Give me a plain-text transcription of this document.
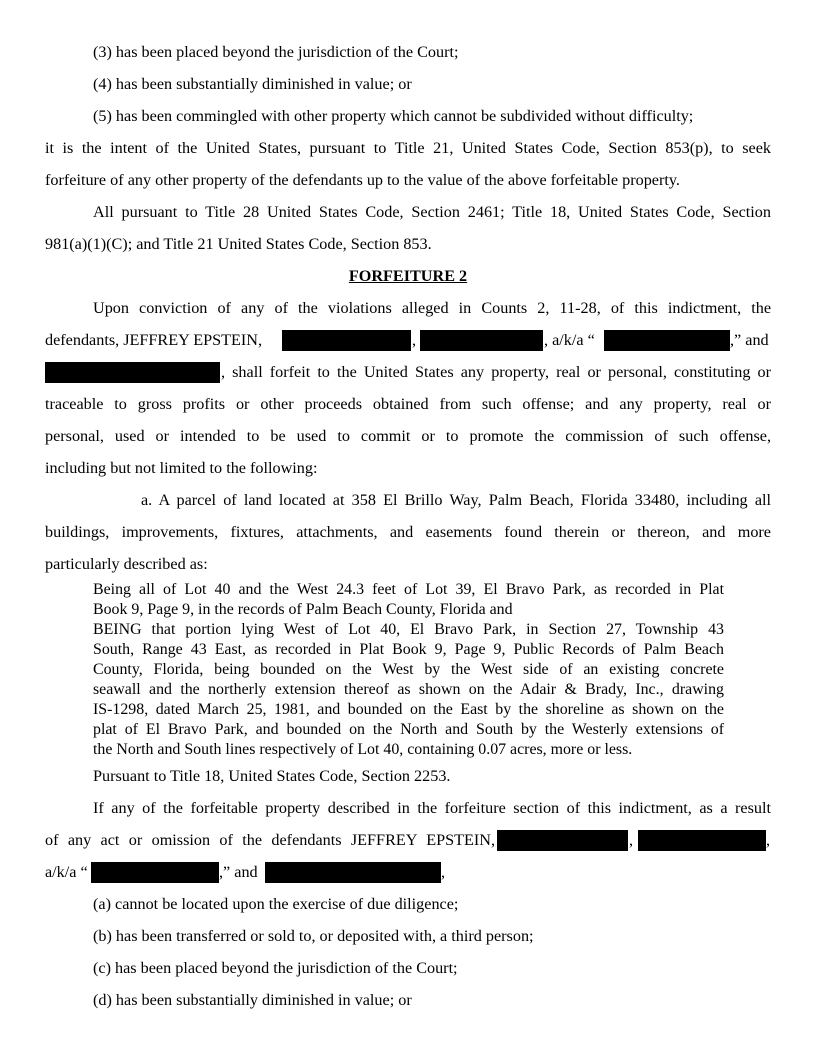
(3) has been placed beyond the jurisdiction of the Court;
(4) has been substantially diminished in value; or
(5) has been commingled with other property which cannot be subdivided without difficulty;
it is the intent of the United States, pursuant to Title 21, United States Code, Section 853(p), to seek
forfeiture of any other property of the defendants up to the value of the above forfeitable property.
All pursuant to Title 28 United States Code, Section 2461; Title 18, United States Code, Section
981(a)(1)(C); and Title 21 United States Code, Section 853.
FORFEITURE 2
Upon conviction of any of the violations alleged in Counts 2, 11-28, of this indictment, the
defendants, JEFFREY EPSTEIN,	,	, a/k/a “	,” and
, shall forfeit to the United States any property, real or personal, constituting or
traceable to gross profits or other proceeds obtained from such offense; and any property, real or
personal, used or intended to be used to commit or to promote the commission of such offense,
including but not limited to the following:
a. A parcel of land located at 358 El Brillo Way, Palm Beach, Florida 33480, including all
buildings, improvements, fixtures, attachments, and easements found therein or thereon, and more
particularly described as:
Being all of Lot 40 and the West 24.3 feet of Lot 39, El Bravo Park, as recorded in Plat
Book 9, Page 9, in the records of Palm Beach County, Florida and
BEING that portion lying West of Lot 40, El Bravo Park, in Section 27, Township 43
South, Range 43 East, as recorded in Plat Book 9, Page 9, Public Records of Palm Beach
County, Florida, being bounded on the West by the West side of an existing concrete
seawall and the northerly extension thereof as shown on the Adair & Brady, Inc., drawing
IS-1298, dated March 25, 1981, and bounded on the East by the shoreline as shown on the
plat of El Bravo Park, and bounded on the North and South by the Westerly extensions of
the North and South lines respectively of Lot 40, containing 0.07 acres, more or less.
Pursuant to Title 18, United States Code, Section 2253.
If any of the forfeitable property described in the forfeiture section of this indictment, as a result
of any act or omission of the defendants JEFFREY EPSTEIN,	,	,
a/k/a “	,” and	,
(a) cannot be located upon the exercise of due diligence;
(b) has been transferred or sold to, or deposited with, a third person;
(c) has been placed beyond the jurisdiction of the Court;
(d) has been substantially diminished in value; or
